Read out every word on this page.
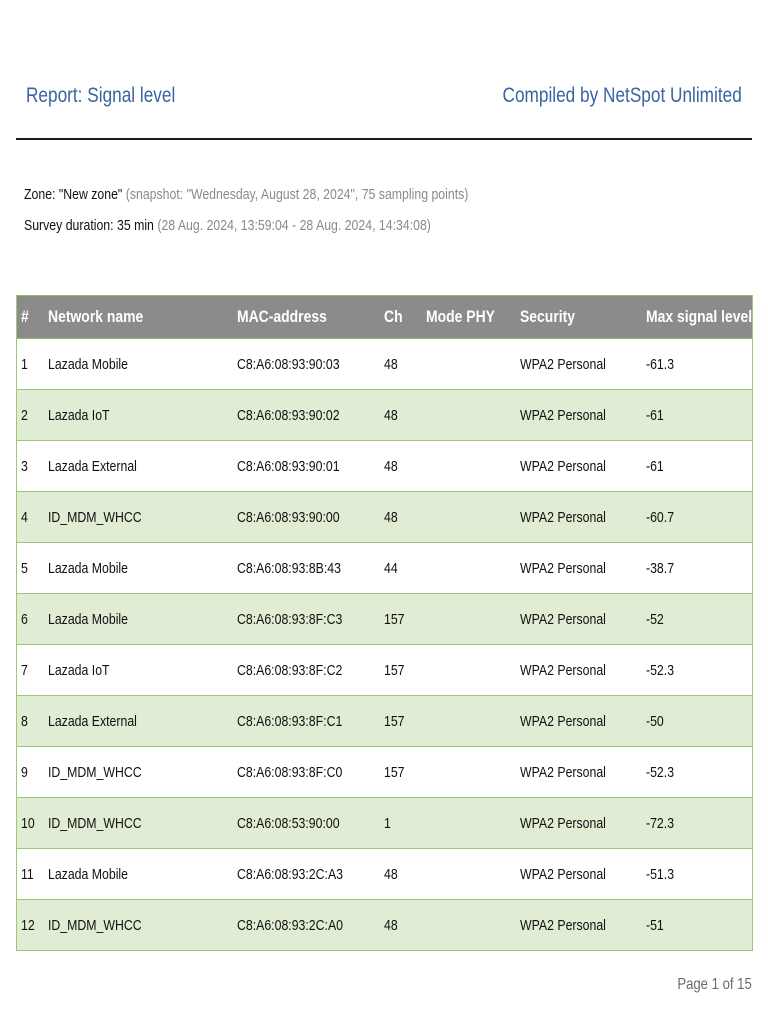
Report: Signal level	Compiled by NetSpot Unlimited
Zone: "New zone" (snapshot: "Wednesday, August 28, 2024", 75 sampling points)
Survey duration: 35 min (28 Aug. 2024, 13:59:04 - 28 Aug. 2024, 14:34:08)
#	Network name	MAC-address	Ch	Mode PHY	Security	Max signal level
1	Lazada Mobile	C8:A6:08:93:90:03	48		WPA2 Personal	-61.3
2	Lazada IoT	C8:A6:08:93:90:02	48		WPA2 Personal	-61
3	Lazada External	C8:A6:08:93:90:01	48		WPA2 Personal	-61
4	ID_MDM_WHCC	C8:A6:08:93:90:00	48		WPA2 Personal	-60.7
5	Lazada Mobile	C8:A6:08:93:8B:43	44		WPA2 Personal	-38.7
6	Lazada Mobile	C8:A6:08:93:8F:C3	157		WPA2 Personal	-52
7	Lazada IoT	C8:A6:08:93:8F:C2	157		WPA2 Personal	-52.3
8	Lazada External	C8:A6:08:93:8F:C1	157		WPA2 Personal	-50
9	ID_MDM_WHCC	C8:A6:08:93:8F:C0	157		WPA2 Personal	-52.3
10	ID_MDM_WHCC	C8:A6:08:53:90:00	1		WPA2 Personal	-72.3
11	Lazada Mobile	C8:A6:08:93:2C:A3	48		WPA2 Personal	-51.3
12	ID_MDM_WHCC	C8:A6:08:93:2C:A0	48		WPA2 Personal	-51
Page 1 of 15
